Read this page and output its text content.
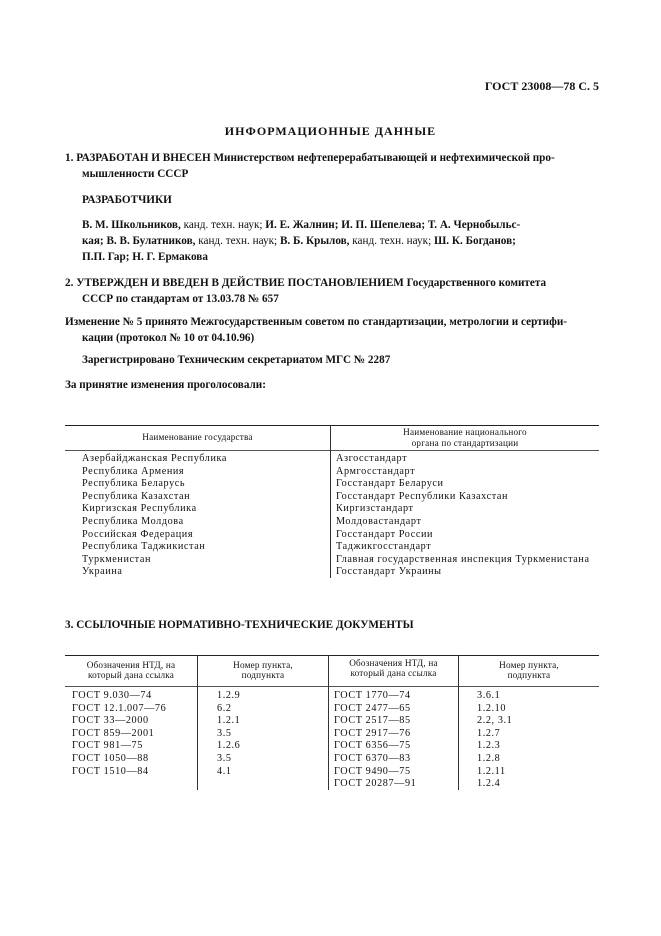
ГОСТ 23008—78 С. 5
ИНФОРМАЦИОННЫЕ ДАННЫЕ
1. РАЗРАБОТАН И ВНЕСЕН Министерством нефтеперерабатывающей и нефтехимической про-
мышленности СССР
РАЗРАБОТЧИКИ
В. М. Школьников, канд. техн. наук; И. Е. Жалнин; И. П. Шепелева; Т. А. Чернобыльс-
кая; В. В. Булатников, канд. техн. наук; В. Б. Крылов, канд. техн. наук; Ш. К. Богданов;
П.П. Гар; Н. Г. Ермакова
2. УТВЕРЖДЕН И ВВЕДЕН В ДЕЙСТВИЕ ПОСТАНОВЛЕНИЕМ Государственного комитета
СССР по стандартам от 13.03.78 № 657
Изменение № 5 принято Межгосударственным советом по стандартизации, метрологии и сертифи-
кации (протокол № 10 от 04.10.96)
Зарегистрировано Техническим секретариатом МГС № 2287
За принятие изменения проголосовали:
Наименование государства	Наименование национального
органа по стандартизации
Азербайджанская Республика
Республика Армения
Республика Беларусь
Республика Казахстан
Киргизская Республика
Республика Молдова
Российская Федерация
Республика Таджикистан
Туркменистан
Украина
Азгосстандарт
Армгосстандарт
Госстандарт Беларуси
Госстандарт Республики Казахстан
Киргизстандарт
Молдовастандарт
Госстандарт России
Таджикгосстандарт
Главная государственная инспекция Туркменистана
Госстандарт Украины
3. ССЫЛОЧНЫЕ НОРМАТИВНО-ТЕХНИЧЕСКИЕ ДОКУМЕНТЫ
Обозначения НТД, на
который дана ссылка
Номер пункта,
подпункта
Обозначения НТД, на
который дана ссылка
Номер пункта,
подпункта
ГОСТ 9.030—74
ГОСТ 12.1.007—76
ГОСТ 33—2000
ГОСТ 859—2001
ГОСТ 981—75
ГОСТ 1050—88
ГОСТ 1510—84
1.2.9
6.2
1.2.1
3.5
1.2.6
3.5
4.1
ГОСТ 1770—74
ГОСТ 2477—65
ГОСТ 2517—85
ГОСТ 2917—76
ГОСТ 6356—75
ГОСТ 6370—83
ГОСТ 9490—75
ГОСТ 20287—91
3.6.1
1.2.10
2.2, 3.1
1.2.7
1.2.3
1.2.8
1.2.11
1.2.4
